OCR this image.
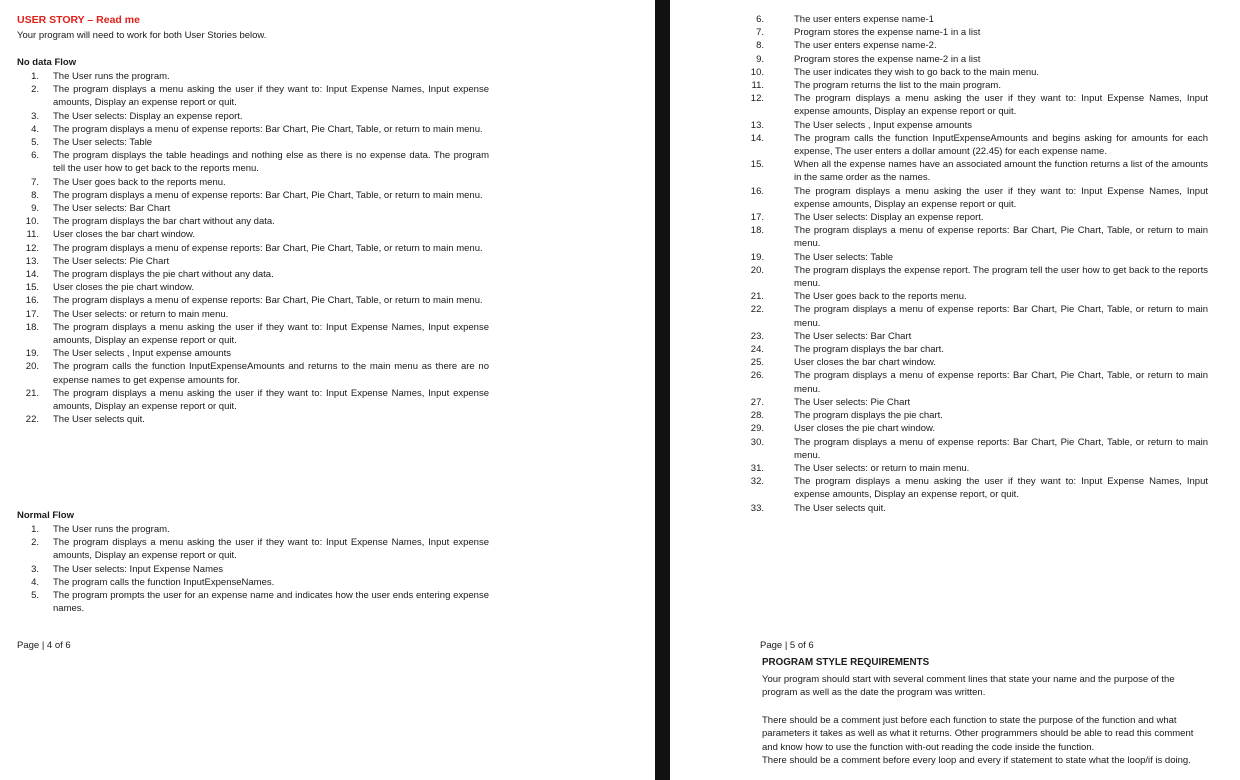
USER STORY – Read me
Your program will need to work for both User Stories below.
No data Flow
1. The User runs the program.
2. The program displays a menu asking the user if they want to: Input Expense Names, Input expense amounts, Display an expense report or quit.
3. The User selects: Display an expense report.
4. The program displays a menu of expense reports: Bar Chart, Pie Chart, Table, or return to main menu.
5. The User selects: Table
6. The program displays the table headings and nothing else as there is no expense data. The program tell the user how to get back to the reports menu.
7. The User goes back to the reports menu.
8. The program displays a menu of expense reports: Bar Chart, Pie Chart, Table, or return to main menu.
9. The User selects: Bar Chart
10. The program displays the bar chart without any data.
11. User closes the bar chart window.
12. The program displays a menu of expense reports: Bar Chart, Pie Chart, Table, or return to main menu.
13. The User selects: Pie Chart
14. The program displays the pie chart without any data.
15. User closes the pie chart window.
16. The program displays a menu of expense reports: Bar Chart, Pie Chart, Table, or return to main menu.
17. The User selects: or return to main menu.
18. The program displays a menu asking the user if they want to: Input Expense Names, Input expense amounts, Display an expense report or quit.
19. The User selects , Input expense amounts
20. The program calls the function InputExpenseAmounts and returns to the main menu as there are no expense names to get expense amounts for.
21. The program displays a menu asking the user if they want to: Input Expense Names, Input expense amounts, Display an expense report or quit.
22. The User selects quit.
Normal Flow
1. The User runs the program.
2. The program displays a menu asking the user if they want to: Input Expense Names, Input expense amounts, Display an expense report or quit.
3. The User selects: Input Expense Names
4. The program calls the function InputExpenseNames.
5. The program prompts the user for an expense name and indicates how the user ends entering expense names.
Page | 4 of 6
6.	The user enters expense name-1
7.	Program stores the expense name-1 in a list
8.	The user enters expense name-2.
9.	Program stores the expense name-2 in a list
10.	The user indicates they wish to go back to the main menu.
11.	The program returns the list to the main program.
12.	The program displays a menu asking the user if they want to: Input Expense Names, Input expense amounts, Display an expense report or quit.
13.	The User selects , Input expense amounts
14.	The program calls the function InputExpenseAmounts and begins asking for amounts for each expense, The user enters a dollar amount (22.45) for each expense name.
15.	When all the expense names have an associated amount the function returns a list of the amounts in the same order as the names.
16.	The program displays a menu asking the user if they want to: Input Expense Names, Input expense amounts, Display an expense report or quit.
17.	The User selects: Display an expense report.
18.	The program displays a menu of expense reports: Bar Chart, Pie Chart, Table, or return to main menu.
19.	The User selects: Table
20.	The program displays the expense report. The program tell the user how to get back to the reports menu.
21.	The User goes back to the reports menu.
22.	The program displays a menu of expense reports: Bar Chart, Pie Chart, Table, or return to main menu.
23.	The User selects: Bar Chart
24.	The program displays the bar chart.
25.	User closes the bar chart window.
26.	The program displays a menu of expense reports: Bar Chart, Pie Chart, Table, or return to main menu.
27.	The User selects: Pie Chart
28.	The program displays the pie chart.
29.	User closes the pie chart window.
30.	The program displays a menu of expense reports: Bar Chart, Pie Chart, Table, or return to main menu.
31.	The User selects: or return to main menu.
32.	The program displays a menu asking the user if they want to: Input Expense Names, Input expense amounts, Display an expense report, or quit.
33.	The User selects quit.
Page | 5 of 6
PROGRAM STYLE REQUIREMENTS
Your program should start with several comment lines that state your name and the purpose of the program as well as the date the program was written.
There should be a comment just before each function to state the purpose of the function and what parameters it takes as well as what it returns. Other programmers should be able to read this comment and know how to use the function with-out reading the code inside the function.
There should be a comment before every loop and every if statement to state what the loop/if is doing.
